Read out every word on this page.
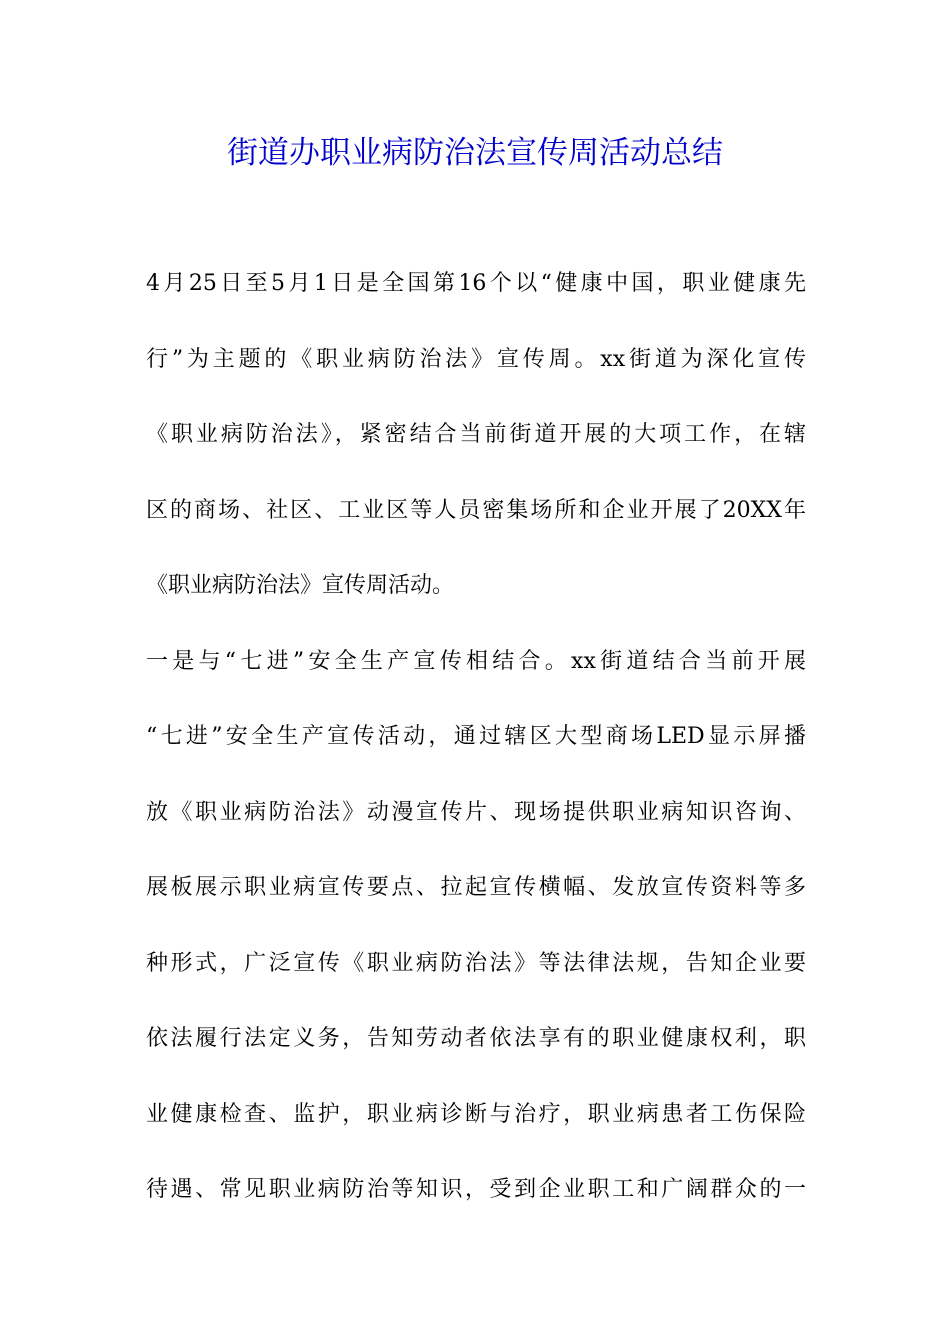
街道办职业病防治法宣传周活动总结
4月25日至5月1日是全国第16个以“健康中国，职业健康先
行”为主题的《职业病防治法》宣传周。xx街道为深化宣传
《职业病防治法》，紧密结合当前街道开展的大项工作，在辖
区的商场、社区、工业区等人员密集场所和企业开展了20XX年
《职业病防治法》宣传周活动。
一是与“七进”安全生产宣传相结合。xx街道结合当前开展
“七进”安全生产宣传活动，通过辖区大型商场LED显示屏播
放《职业病防治法》动漫宣传片、现场提供职业病知识咨询、
展板展示职业病宣传要点、拉起宣传横幅、发放宣传资料等多
种形式，广泛宣传《职业病防治法》等法律法规，告知企业要
依法履行法定义务，告知劳动者依法享有的职业健康权利，职
业健康检查、监护，职业病诊断与治疗，职业病患者工伤保险
待遇、常见职业病防治等知识，受到企业职工和广阔群众的一
